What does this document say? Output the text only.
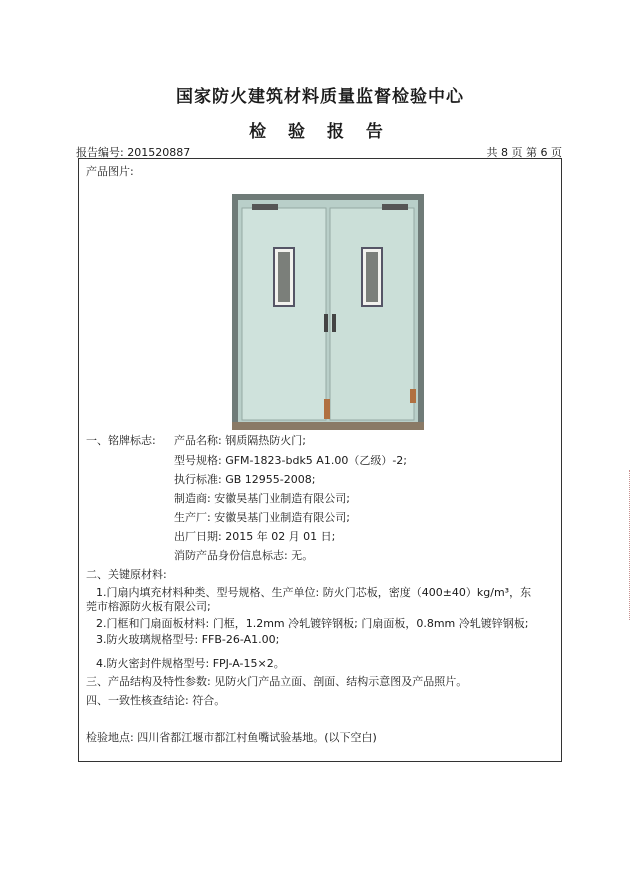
国家防火建筑材料质量监督检验中心
检 验 报 告
报告编号: 201520887	共 8 页 第 6 页
产品图片:
一、铭牌标志: 产品名称: 钢质隔热防火门;
型号规格: GFM-1823-bdk5 A1.00（乙级）-2;
执行标准: GB 12955-2008;
制造商: 安徽昊基门业制造有限公司;
生产厂: 安徽昊基门业制造有限公司;
出厂日期: 2015 年 02 月 01 日;
消防产品身份信息标志: 无。
二、关键原材料:
1.门扇内填充材料种类、型号规格、生产单位: 防火门芯板，密度（400±40）kg/m³，东
莞市榕源防火板有限公司;
2.门框和门扇面板材料: 门框，1.2mm 冷轧镀锌钢板; 门扇面板，0.8mm 冷轧镀锌钢板;
3.防火玻璃规格型号: FFB-26-A1.00;
4.防火密封件规格型号: FPJ-A-15×2。
三、产品结构及特性参数: 见防火门产品立面、剖面、结构示意图及产品照片。
四、一致性核查结论: 符合。
检验地点: 四川省都江堰市都江村鱼嘴试验基地。(以下空白)
